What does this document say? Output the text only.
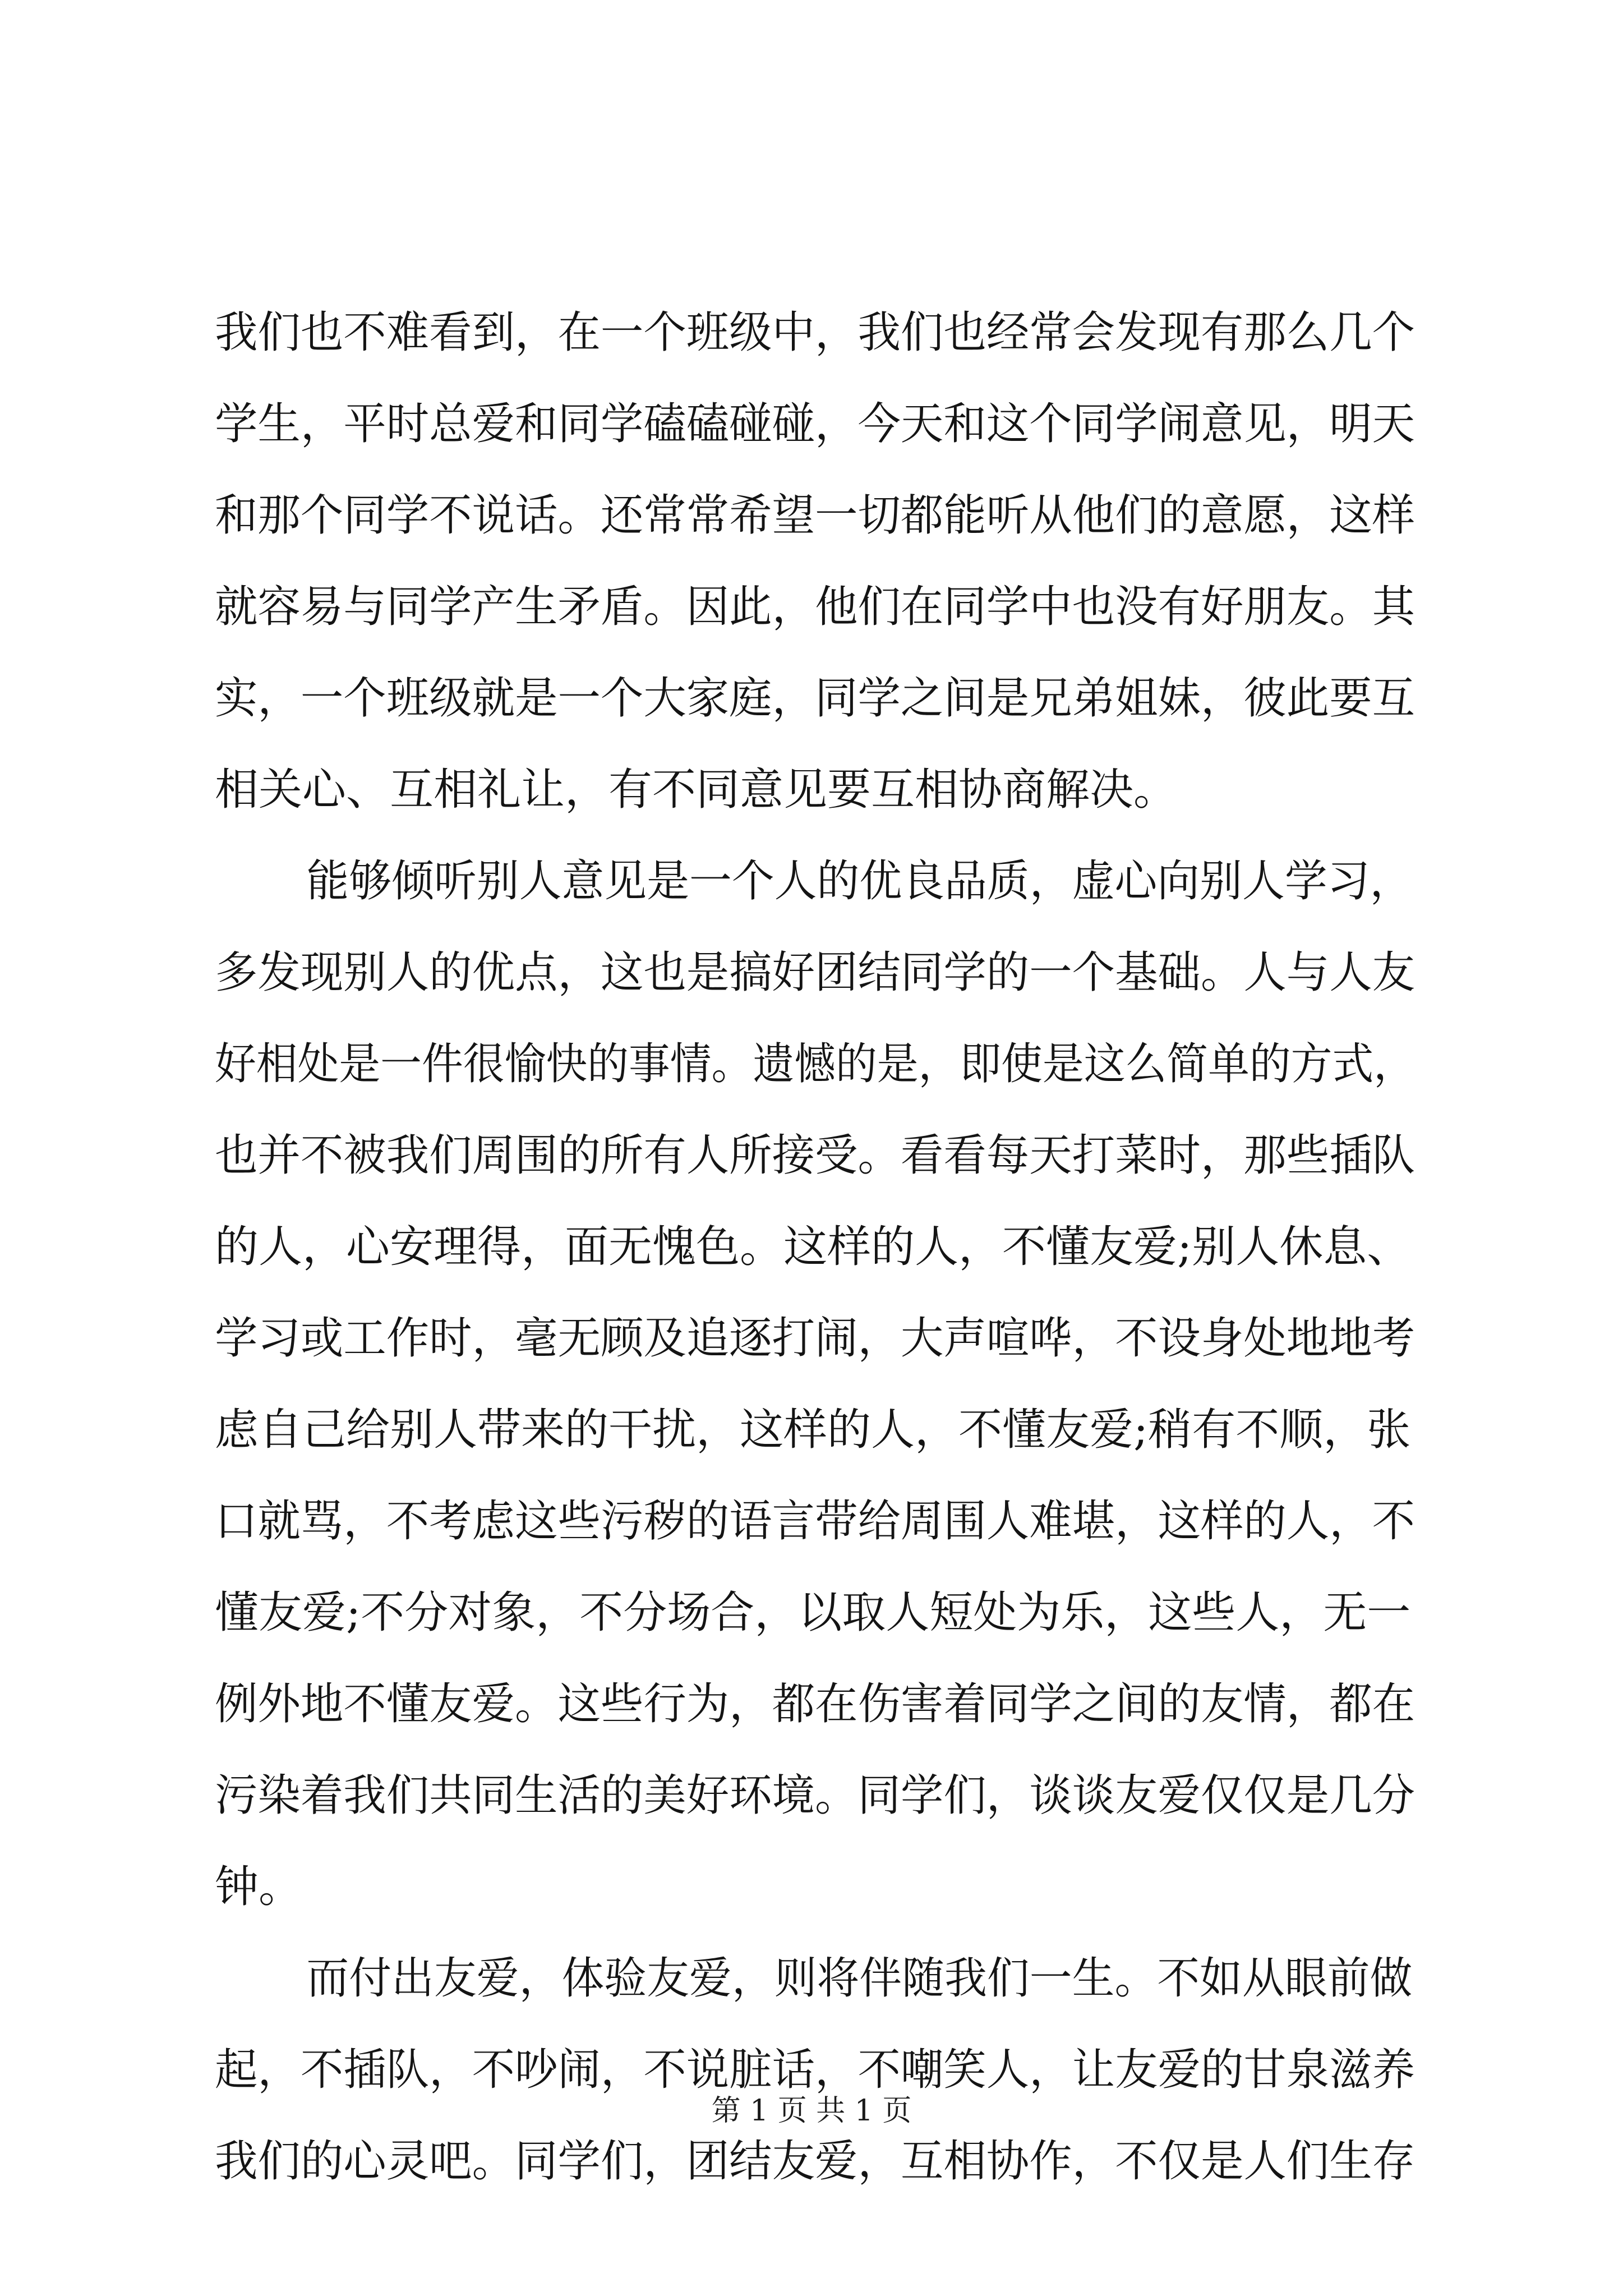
我们也不难看到，在一个班级中，我们也经常会发现有那么几个
学生，平时总爱和同学磕磕碰碰，今天和这个同学闹意见，明天
和那个同学不说话。还常常希望一切都能听从他们的意愿，这样
就容易与同学产生矛盾。因此，他们在同学中也没有好朋友。其
实，一个班级就是一个大家庭，同学之间是兄弟姐妹，彼此要互
相关心、互相礼让，有不同意见要互相协商解决。
能够倾听别人意见是一个人的优良品质，虚心向别人学习，
多发现别人的优点，这也是搞好团结同学的一个基础。人与人友
好相处是一件很愉快的事情。遗憾的是，即使是这么简单的方式，
也并不被我们周围的所有人所接受。看看每天打菜时，那些插队
的人，心安理得，面无愧色。这样的人，不懂友爱;别人休息、
学习或工作时，毫无顾及追逐打闹，大声喧哗，不设身处地地考
虑自己给别人带来的干扰，这样的人，不懂友爱;稍有不顺，张
口就骂，不考虑这些污秽的语言带给周围人难堪，这样的人，不
懂友爱;不分对象，不分场合，以取人短处为乐，这些人，无一
例外地不懂友爱。这些行为，都在伤害着同学之间的友情，都在
污染着我们共同生活的美好环境。同学们，谈谈友爱仅仅是几分
钟。
而付出友爱，体验友爱，则将伴随我们一生。不如从眼前做
起，不插队，不吵闹，不说脏话，不嘲笑人，让友爱的甘泉滋养
我们的心灵吧。同学们，团结友爱，互相协作，不仅是人们生存
第 1 页 共 1 页
